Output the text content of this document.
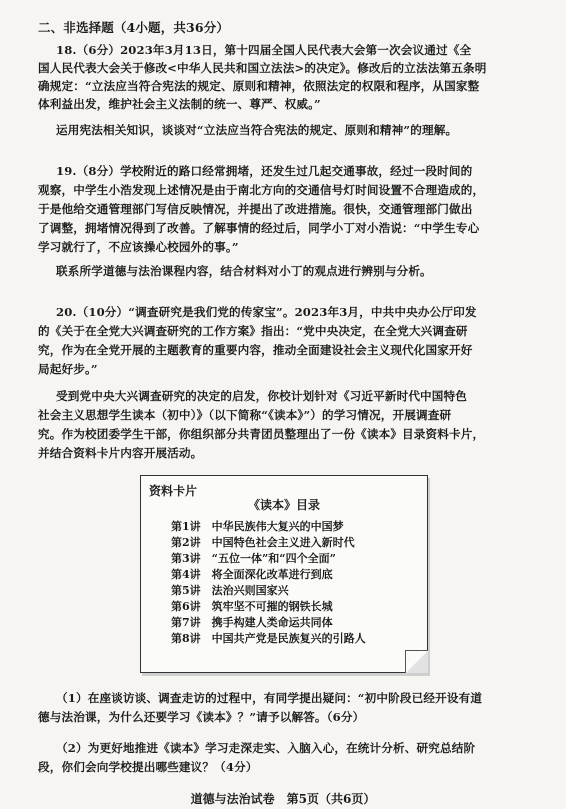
二、非选择题（4小题，共36分）
18.（6分）2023年3月13日，第十四届全国人民代表大会第一次会议通过《全
国人民代表大会关于修改<中华人民共和国立法法>的决定》。修改后的立法法第五条明
确规定：“立法应当符合宪法的规定、原则和精神，依照法定的权限和程序，从国家整
体利益出发，维护社会主义法制的统一、尊严、权威。”
运用宪法相关知识，谈谈对“立法应当符合宪法的规定、原则和精神”的理解。
19.（8分）学校附近的路口经常拥堵，还发生过几起交通事故，经过一段时间的
观察，中学生小浩发现上述情况是由于南北方向的交通信号灯时间设置不合理造成的，
于是他给交通管理部门写信反映情况，并提出了改进措施。很快，交通管理部门做出
了调整，拥堵情况得到了改善。了解事情的经过后，同学小丁对小浩说：“中学生专心
学习就行了，不应该操心校园外的事。”
联系所学道德与法治课程内容，结合材料对小丁的观点进行辨别与分析。
20.（10分）“调查研究是我们党的传家宝”。2023年3月，中共中央办公厅印发
的《关于在全党大兴调查研究的工作方案》指出：“党中央决定，在全党大兴调查研
究，作为在全党开展的主题教育的重要内容，推动全面建设社会主义现代化国家开好
局起好步。”
受到党中央大兴调查研究的决定的启发，你校计划针对《习近平新时代中国特色
社会主义思想学生读本（初中）》（以下简称“《读本》”）的学习情况，开展调查研
究。作为校团委学生干部，你组织部分共青团员整理出了一份《读本》目录资料卡片，
并结合资料卡片内容开展活动。
资料卡片
《读本》目录
第1讲　中华民族伟大复兴的中国梦
第2讲　中国特色社会主义进入新时代
第3讲　“五位一体”和“四个全面”
第4讲　将全面深化改革进行到底
第5讲　法治兴则国家兴
第6讲　筑牢坚不可摧的钢铁长城
第7讲　携手构建人类命运共同体
第8讲　中国共产党是民族复兴的引路人
（1）在座谈访谈、调查走访的过程中，有同学提出疑问：“初中阶段已经开设有道
德与法治课，为什么还要学习《读本》？”请予以解答。（6分）
（2）为更好地推进《读本》学习走深走实、入脑入心，在统计分析、研究总结阶
段，你们会向学校提出哪些建议？（4分）
道德与法治试卷　第5页（共6页）
